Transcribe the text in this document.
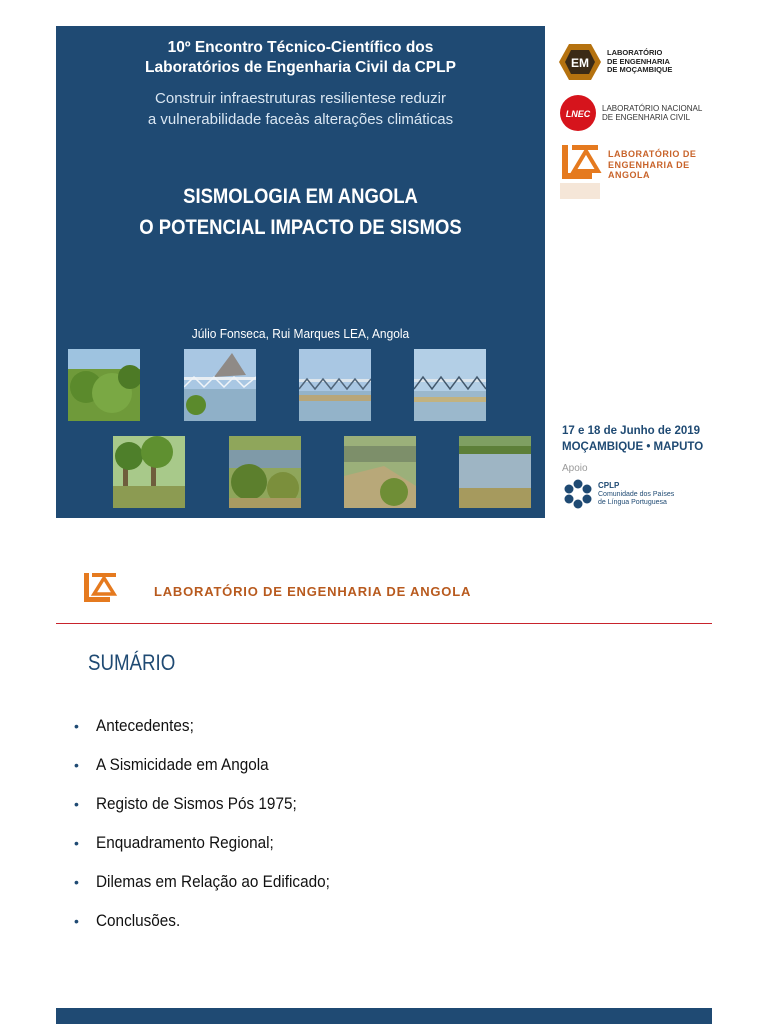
10º Encontro Técnico-Científico dos
Laboratórios de Engenharia Civil da CPLP
Construir infraestruturas resilientese reduzir
a vulnerabilidade faceàs alterações climáticas
SISMOLOGIA EM ANGOLA
O POTENCIAL IMPACTO DE SISMOS
Júlio Fonseca, Rui Marques LEA, Angola
EM
LABORATÓRIO
DE ENGENHARIA
DE MOÇAMBIQUE
LNEC
LABORATÓRIO NACIONAL
DE ENGENHARIA CIVIL
LABORATÓRIO DE
ENGENHARIA DE
ANGOLA
17 e 18 de Junho de 2019
MOÇAMBIQUE • MAPUTO
Apoio
CPLP
Comunidade dos Países
de Língua Portuguesa
LABORATÓRIO DE ENGENHARIA DE ANGOLA
SUMÁRIO
•	Antecedentes;
•	A Sismicidade em Angola
•	Registo de Sismos Pós 1975;
•	Enquadramento Regional;
•	Dilemas em Relação ao Edificado;
•	Conclusões.
